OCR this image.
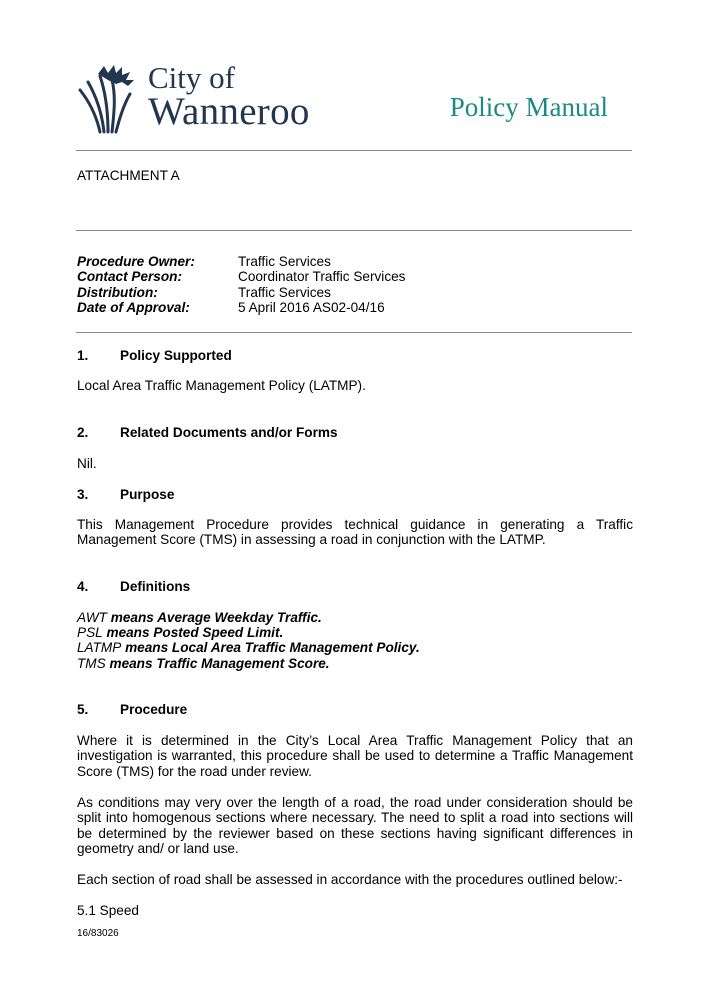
City of
Wanneroo	Policy Manual
ATTACHMENT A
Procedure Owner:	Traffic Services
Contact Person:	Coordinator Traffic Services
Distribution:	Traffic Services
Date of Approval:	5 April 2016 AS02-04/16
1. Policy Supported
Local Area Traffic Management Policy (LATMP).
2. Related Documents and/or Forms
Nil.
3. Purpose
This Management Procedure provides technical guidance in generating a Traffic Management Score (TMS) in assessing a road in conjunction with the LATMP.
4. Definitions
AWT means Average Weekday Traffic.
PSL means Posted Speed Limit.
LATMP means Local Area Traffic Management Policy.
TMS means Traffic Management Score.
5. Procedure
Where it is determined in the City’s Local Area Traffic Management Policy that an investigation is warranted, this procedure shall be used to determine a Traffic Management Score (TMS) for the road under review.
As conditions may very over the length of a road, the road under consideration should be split into homogenous sections where necessary. The need to split a road into sections will be determined by the reviewer based on these sections having significant differences in geometry and/ or land use.
Each section of road shall be assessed in accordance with the procedures outlined below:-
5.1 Speed
16/83026
